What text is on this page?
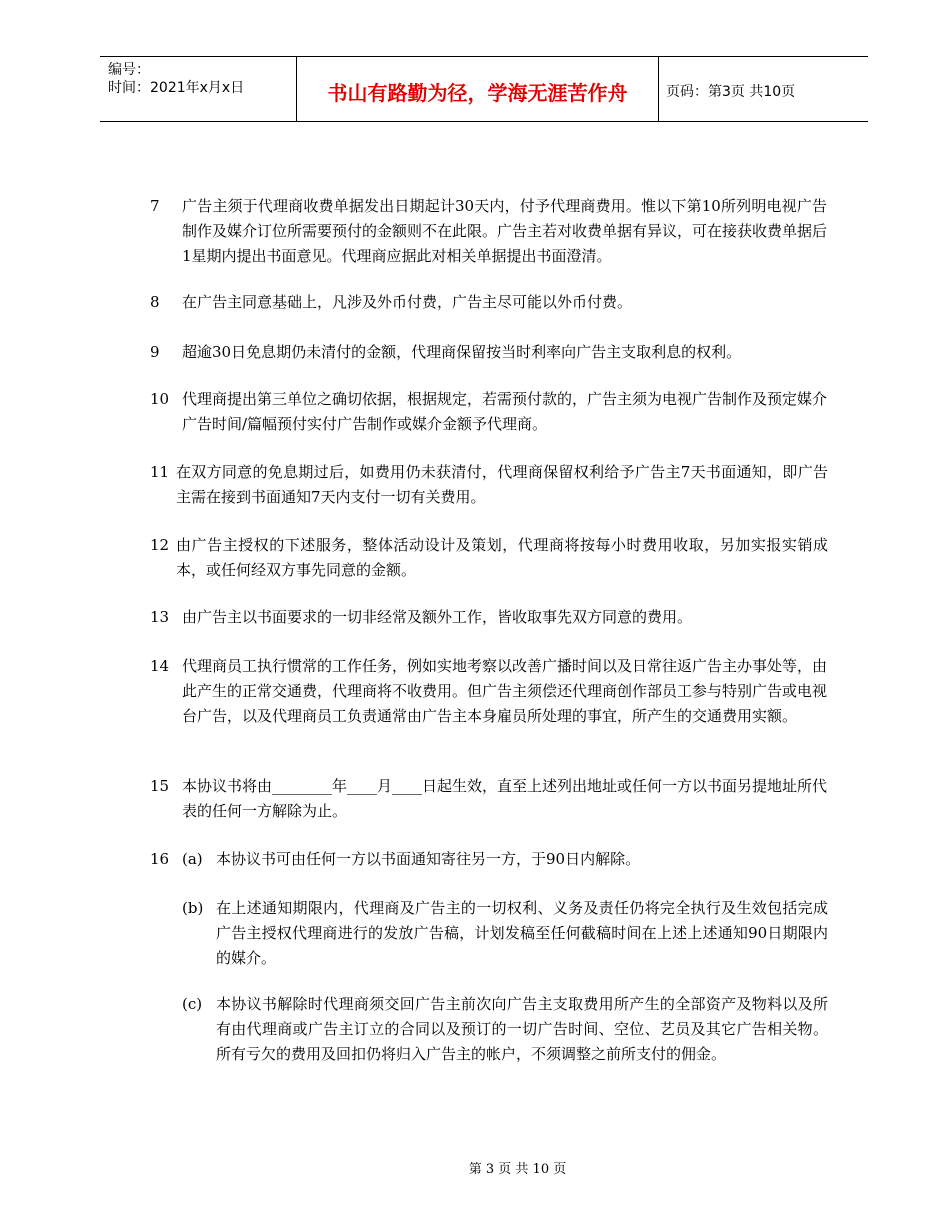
编号：
时间：2021年x月x日	书山有路勤为径，学海无涯苦作舟	页码：第3页 共10页
7 广告主须于代理商收费单据发出日期起计30天内，付予代理商费用。惟以下第10所列明电视广告制作及媒介订位所需要预付的金额则不在此限。广告主若对收费单据有异议，可在接获收费单据后1星期内提出书面意见。代理商应据此对相关单据提出书面澄清。
8 在广告主同意基础上，凡涉及外币付费，广告主尽可能以外币付费。
9 超逾30日免息期仍未清付的金额，代理商保留按当时利率向广告主支取利息的权利。
10 代理商提出第三单位之确切依据，根据规定，若需预付款的，广告主须为电视广告制作及预定媒介广告时间/篇幅预付实付广告制作或媒介金额予代理商。
11 在双方同意的免息期过后，如费用仍未获清付，代理商保留权利给予广告主7天书面通知，即广告主需在接到书面通知7天内支付一切有关费用。
12 由广告主授权的下述服务，整体活动设计及策划，代理商将按每小时费用收取，另加实报实销成本，或任何经双方事先同意的金额。
13 由广告主以书面要求的一切非经常及额外工作，皆收取事先双方同意的费用。
14 代理商员工执行惯常的工作任务，例如实地考察以改善广播时间以及日常往返广告主办事处等，由此产生的正常交通费，代理商将不收费用。但广告主须偿还代理商创作部员工参与特别广告或电视台广告，以及代理商员工负责通常由广告主本身雇员所处理的事宜，所产生的交通费用实额。
15 本协议书将由________年____月____日起生效，直至上述列出地址或任何一方以书面另提地址所代表的任何一方解除为止。
16 (a) 本协议书可由任何一方以书面通知寄往另一方，于90日内解除。
(b) 在上述通知期限内，代理商及广告主的一切权利、义务及责任仍将完全执行及生效包括完成广告主授权代理商进行的发放广告稿，计划发稿至任何截稿时间在上述上述通知90日期限内的媒介。
(c) 本协议书解除时代理商须交回广告主前次向广告主支取费用所产生的全部资产及物料以及所有由代理商或广告主订立的合同以及预订的一切广告时间、空位、艺员及其它广告相关物。所有亏欠的费用及回扣仍将归入广告主的帐户，不须调整之前所支付的佣金。
第 3 页 共 10 页
